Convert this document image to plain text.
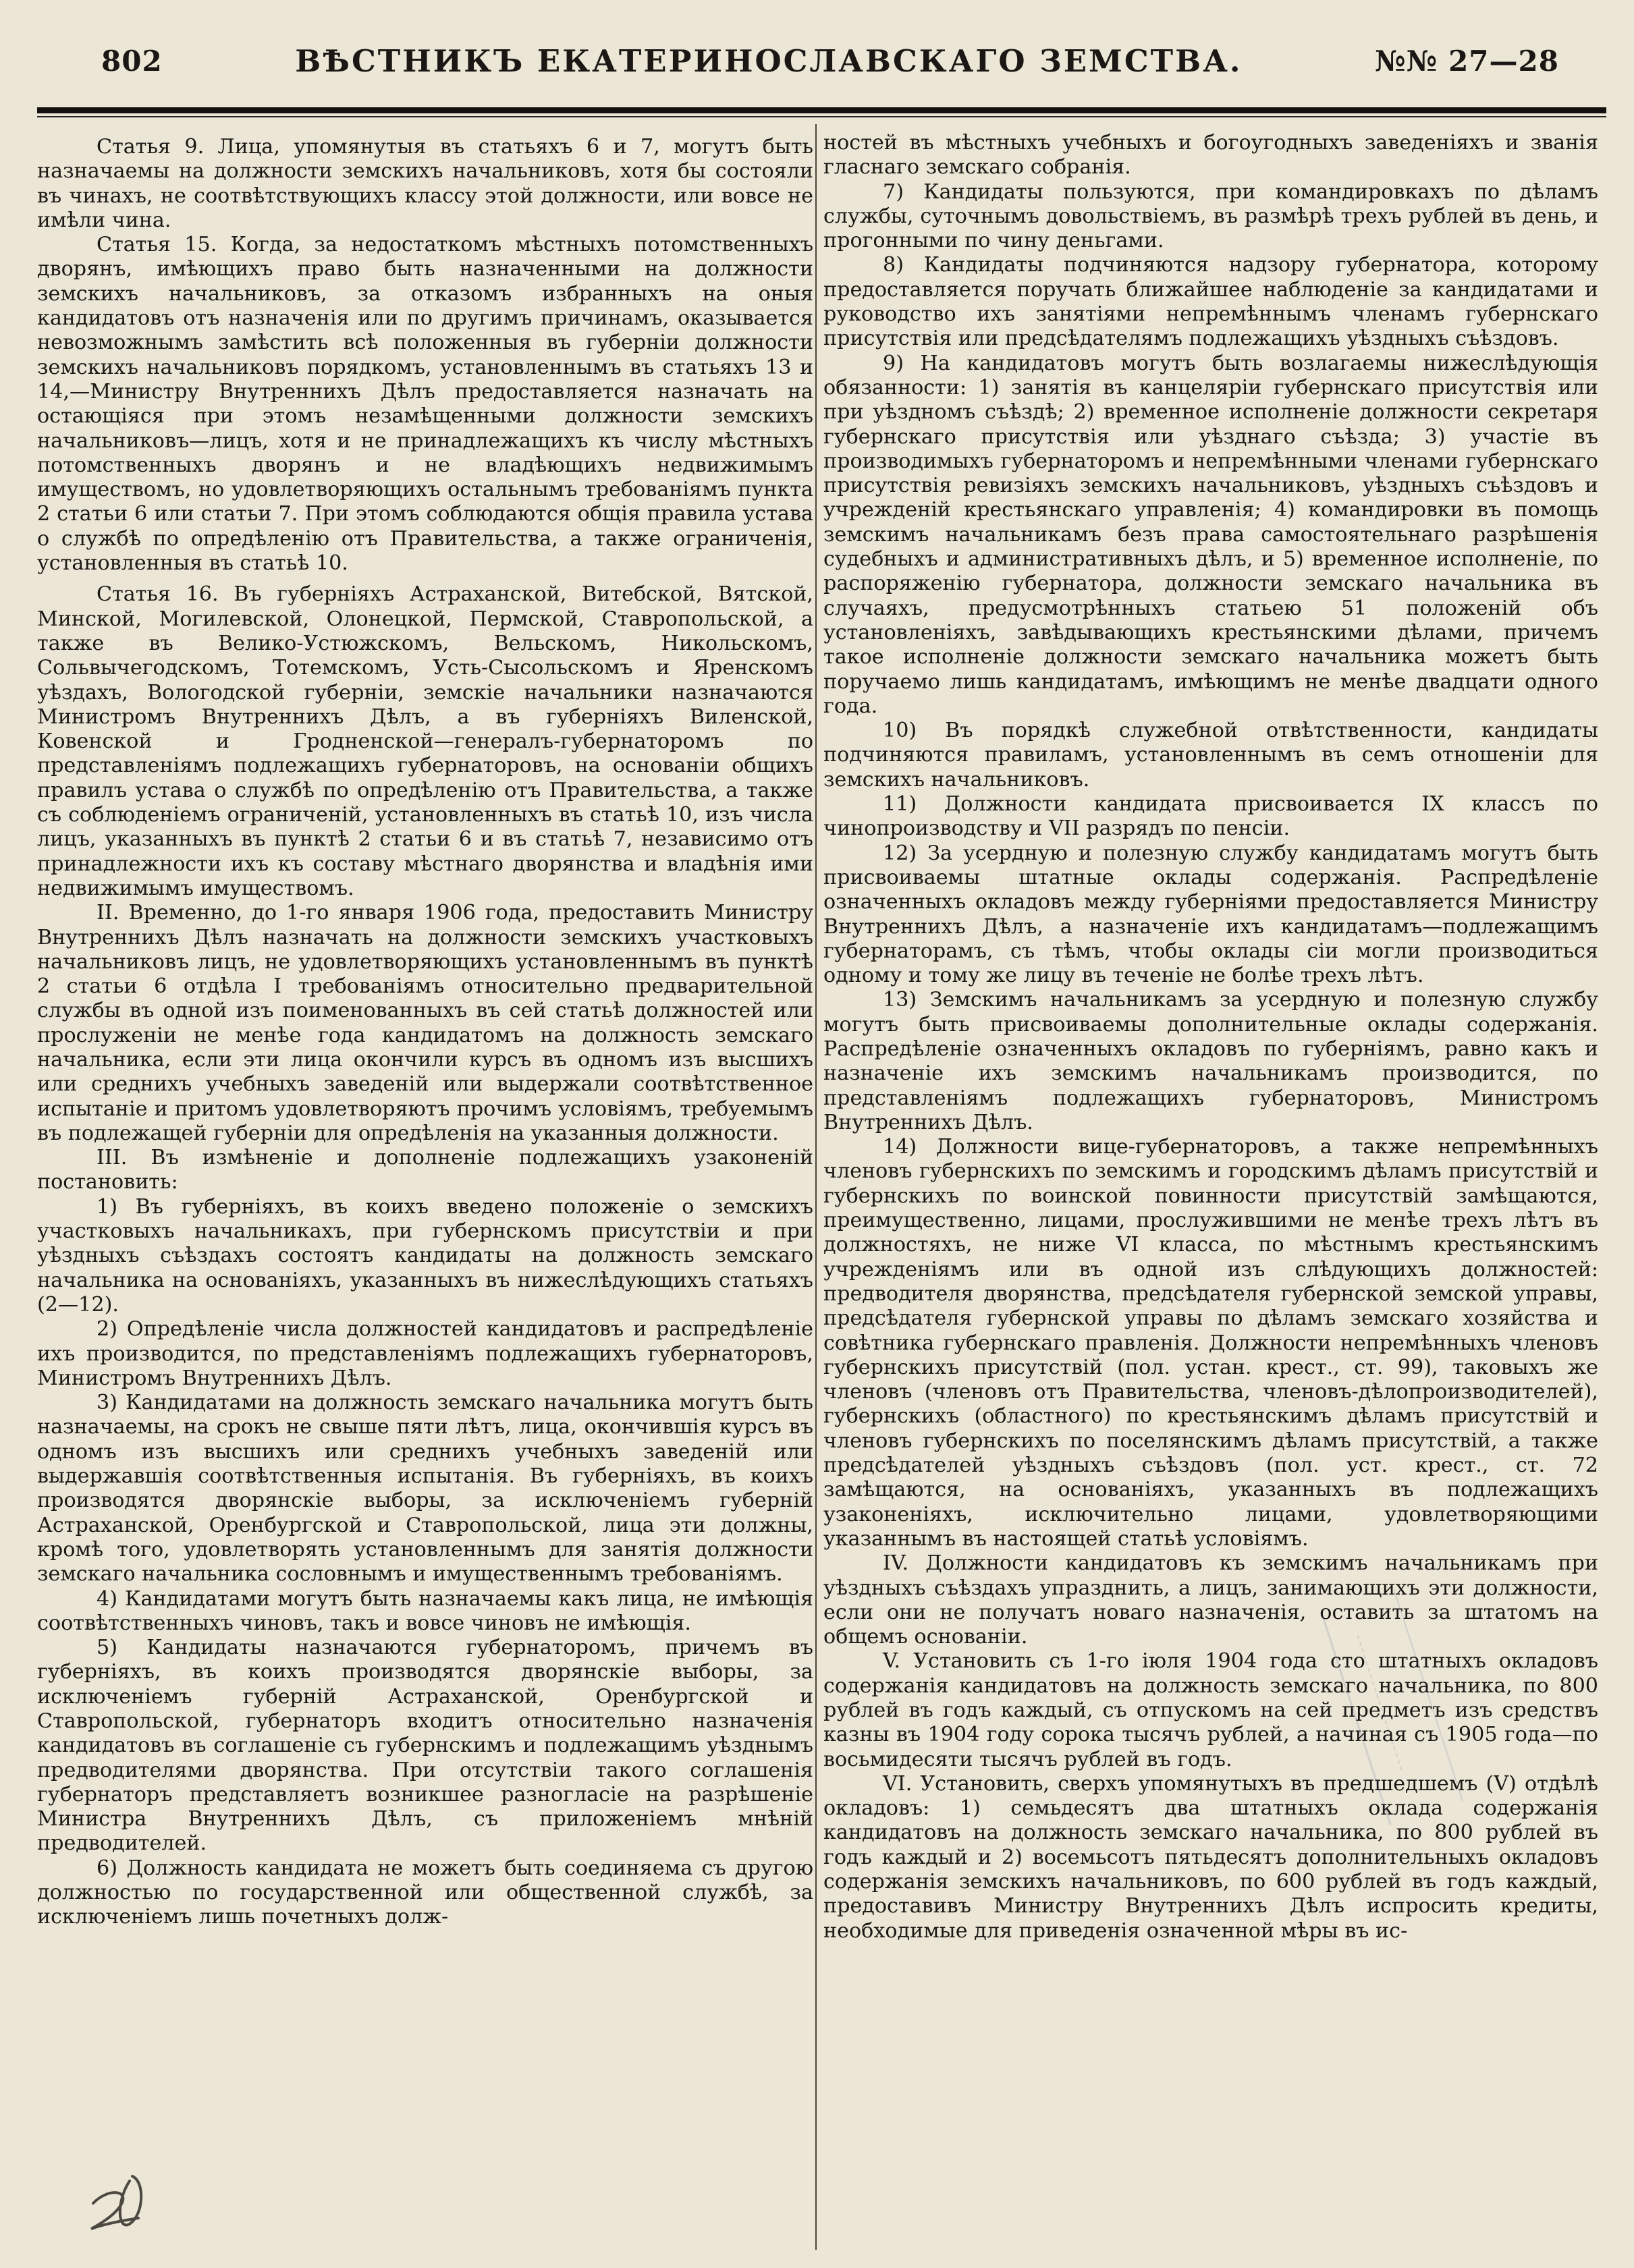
802	ВѢСТНИКЪ ЕКАТЕРИНОСЛАВСКАГО ЗЕМСТВА.	№№ 27—28

Статья 9. Лица, упомянутыя въ статьяхъ 6 и 7, могутъ быть назначаемы на должности земскихъ начальниковъ, хотя бы состояли въ чинахъ, не соотвѣтствующихъ классу этой должности, или вовсе не имѣли чина.

Статья 15. Когда, за недостаткомъ мѣстныхъ потомственныхъ дворянъ, имѣющихъ право быть назначенными на должности земскихъ начальниковъ, за отказомъ избранныхъ на оныя кандидатовъ отъ назначенія или по другимъ причинамъ, оказывается невозможнымъ замѣстить всѣ положенныя въ губерніи должности земскихъ начальниковъ порядкомъ, установленнымъ въ статьяхъ 13 и 14,—Министру Внутреннихъ Дѣлъ предоставляется назначать на остающіяся при этомъ незамѣщенными должности земскихъ начальниковъ—лицъ, хотя и не принадлежащихъ къ числу мѣстныхъ потомственныхъ дворянъ и не владѣющихъ недвижимымъ имуществомъ, но удовлетворяющихъ остальнымъ требованіямъ пункта 2 статьи 6 или статьи 7. При этомъ соблюдаются общія правила устава о службѣ по опредѣленію отъ Правительства, а также ограниченія, установленныя въ статьѣ 10.

Статья 16. Въ губерніяхъ Астраханской, Витебской, Вятской, Минской, Могилевской, Олонецкой, Пермской, Ставропольской, а также въ Велико-Устюжскомъ, Вельскомъ, Никольскомъ, Сольвычегодскомъ, Тотемскомъ, Усть-Сысольскомъ и Яренскомъ уѣздахъ, Вологодской губерніи, земскіе начальники назначаются Министромъ Внутреннихъ Дѣлъ, а въ губерніяхъ Виленской, Ковенской и Гродненской—генералъ-губернаторомъ по представленіямъ подлежащихъ губернаторовъ, на основаніи общихъ правилъ устава о службѣ по опредѣленію отъ Правительства, а также съ соблюденіемъ ограниченій, установленныхъ въ статьѣ 10, изъ числа лицъ, указанныхъ въ пунктѣ 2 статьи 6 и въ статьѣ 7, независимо отъ принадлежности ихъ къ составу мѣстнаго дворянства и владѣнія ими недвижимымъ имуществомъ.

II. Временно, до 1-го января 1906 года, предоставить Министру Внутреннихъ Дѣлъ назначать на должности земскихъ участковыхъ начальниковъ лицъ, не удовлетворяющихъ установленнымъ въ пунктѣ 2 статьи 6 отдѣла I требованіямъ относительно предварительной службы въ одной изъ поименованныхъ въ сей статьѣ должностей или прослуженіи не менѣе года кандидатомъ на должность земскаго начальника, если эти лица окончили курсъ въ одномъ изъ высшихъ или среднихъ учебныхъ заведеній или выдержали соотвѣтственное испытаніе и притомъ удовлетворяютъ прочимъ условіямъ, требуемымъ въ подлежащей губерніи для опредѣленія на указанныя должности.

III. Въ измѣненіе и дополненіе подлежащихъ узаконеній постановить:

1) Въ губерніяхъ, въ коихъ введено положеніе о земскихъ участковыхъ начальникахъ, при губернскомъ присутствіи и при уѣздныхъ съѣздахъ состоятъ кандидаты на должность земскаго начальника на основаніяхъ, указанныхъ въ нижеслѣдующихъ статьяхъ (2—12).

2) Опредѣленіе числа должностей кандидатовъ и распредѣленіе ихъ производится, по представленіямъ подлежащихъ губернаторовъ, Министромъ Внутреннихъ Дѣлъ.

3) Кандидатами на должность земскаго начальника могутъ быть назначаемы, на срокъ не свыше пяти лѣтъ, лица, окончившія курсъ въ одномъ изъ высшихъ или среднихъ учебныхъ заведеній или выдержавшія соотвѣтственныя испытанія. Въ губерніяхъ, въ коихъ производятся дворянскіе выборы, за исключеніемъ губерній Астраханской, Оренбургской и Ставропольской, лица эти должны, кромѣ того, удовлетворять установленнымъ для занятія должности земскаго начальника сословнымъ и имущественнымъ требованіямъ.

4) Кандидатами могутъ быть назначаемы какъ лица, не имѣющія соотвѣтственныхъ чиновъ, такъ и вовсе чиновъ не имѣющія.

5) Кандидаты назначаются губернаторомъ, причемъ въ губерніяхъ, въ коихъ производятся дворянскіе выборы, за исключеніемъ губерній Астраханской, Оренбургской и Ставропольской, губернаторъ входитъ относительно назначенія кандидатовъ въ соглашеніе съ губернскимъ и подлежащимъ уѣзднымъ предводителями дворянства. При отсутствіи такого соглашенія губернаторъ представляетъ возникшее разногласіе на разрѣшеніе Министра Внутреннихъ Дѣлъ, съ приложеніемъ мнѣній предводителей.

6) Должность кандидата не можетъ быть соединяема съ другою должностью по государственной или общественной службѣ, за исключеніемъ лишь почетныхъ долж-

ностей въ мѣстныхъ учебныхъ и богоугодныхъ заведеніяхъ и званія гласнаго земскаго собранія.

7) Кандидаты пользуются, при командировкахъ по дѣламъ службы, суточнымъ довольствіемъ, въ размѣрѣ трехъ рублей въ день, и прогонными по чину деньгами.

8) Кандидаты подчиняются надзору губернатора, которому предоставляется поручать ближайшее наблюденіе за кандидатами и руководство ихъ занятіями непремѣннымъ членамъ губернскаго присутствія или предсѣдателямъ подлежащихъ уѣздныхъ съѣздовъ.

9) На кандидатовъ могутъ быть возлагаемы нижеслѣдующія обязанности: 1) занятія въ канцеляріи губернскаго присутствія или при уѣздномъ съѣздѣ; 2) временное исполненіе должности секретаря губернскаго присутствія или уѣзднаго съѣзда; 3) участіе въ производимыхъ губернаторомъ и непремѣнными членами губернскаго присутствія ревизіяхъ земскихъ начальниковъ, уѣздныхъ съѣздовъ и учрежденій крестьянскаго управленія; 4) командировки въ помощь земскимъ начальникамъ безъ права самостоятельнаго разрѣшенія судебныхъ и административныхъ дѣлъ, и 5) временное исполненіе, по распоряженію губернатора, должности земскаго начальника въ случаяхъ, предусмотрѣнныхъ статьею 51 положеній объ установленіяхъ, завѣдывающихъ крестьянскими дѣлами, причемъ такое исполненіе должности земскаго начальника можетъ быть поручаемо лишь кандидатамъ, имѣющимъ не менѣе двадцати одного года.

10) Въ порядкѣ служебной отвѣтственности, кандидаты подчиняются правиламъ, установленнымъ въ семъ отношеніи для земскихъ начальниковъ.

11) Должности кандидата присвоивается IX классъ по чинопроизводству и VII разрядъ по пенсіи.

12) За усердную и полезную службу кандидатамъ могутъ быть присвоиваемы штатные оклады содержанія. Распредѣленіе означенныхъ окладовъ между губерніями предоставляется Министру Внутреннихъ Дѣлъ, а назначеніе ихъ кандидатамъ—подлежащимъ губернаторамъ, съ тѣмъ, чтобы оклады сіи могли производиться одному и тому же лицу въ теченіе не болѣе трехъ лѣтъ.

13) Земскимъ начальникамъ за усердную и полезную службу могутъ быть присвоиваемы дополнительные оклады содержанія. Распредѣленіе означенныхъ окладовъ по губерніямъ, равно какъ и назначеніе ихъ земскимъ начальникамъ производится, по представленіямъ подлежащихъ губернаторовъ, Министромъ Внутреннихъ Дѣлъ.

14) Должности вице-губернаторовъ, а также непремѣнныхъ членовъ губернскихъ по земскимъ и городскимъ дѣламъ присутствій и губернскихъ по воинской повинности присутствій замѣщаются, преимущественно, лицами, прослужившими не менѣе трехъ лѣтъ въ должностяхъ, не ниже VI класса, по мѣстнымъ крестьянскимъ учрежденіямъ или въ одной изъ слѣдующихъ должностей: предводителя дворянства, предсѣдателя губернской земской управы, предсѣдателя губернской управы по дѣламъ земскаго хозяйства и совѣтника губернскаго правленія. Должности непремѣнныхъ членовъ губернскихъ присутствій (пол. устан. крест., ст. 99), таковыхъ же членовъ (членовъ отъ Правительства, членовъ-дѣлопроизводителей), губернскихъ (областного) по крестьянскимъ дѣламъ присутствій и членовъ губернскихъ по поселянскимъ дѣламъ присутствій, а также предсѣдателей уѣздныхъ съѣздовъ (пол. уст. крест., ст. 72 замѣщаются, на основаніяхъ, указанныхъ въ подлежащихъ узаконеніяхъ, исключительно лицами, удовлетворяющими указаннымъ въ настоящей статьѣ условіямъ.

IV. Должности кандидатовъ къ земскимъ начальникамъ при уѣздныхъ съѣздахъ упразднить, а лицъ, занимающихъ эти должности, если они не получатъ новаго назначенія, оставить за штатомъ на общемъ основаніи.

V. Установить съ 1-го іюля 1904 года сто штатныхъ окладовъ содержанія кандидатовъ на должность земскаго начальника, по 800 рублей въ годъ каждый, съ отпускомъ на сей предметъ изъ средствъ казны въ 1904 году сорока тысячъ рублей, а начиная съ 1905 года—по восьмидесяти тысячъ рублей въ годъ.

VI. Установить, сверхъ упомянутыхъ въ предшедшемъ (V) отдѣлѣ окладовъ: 1) семьдесятъ два штатныхъ оклада содержанія кандидатовъ на должность земскаго начальника, по 800 рублей въ годъ каждый и 2) восемьсотъ пятьдесятъ дополнительныхъ окладовъ содержанія земскихъ начальниковъ, по 600 рублей въ годъ каждый, предоставивъ Министру Внутреннихъ Дѣлъ испросить кредиты, необходимые для приведенія означенной мѣры въ ис-
